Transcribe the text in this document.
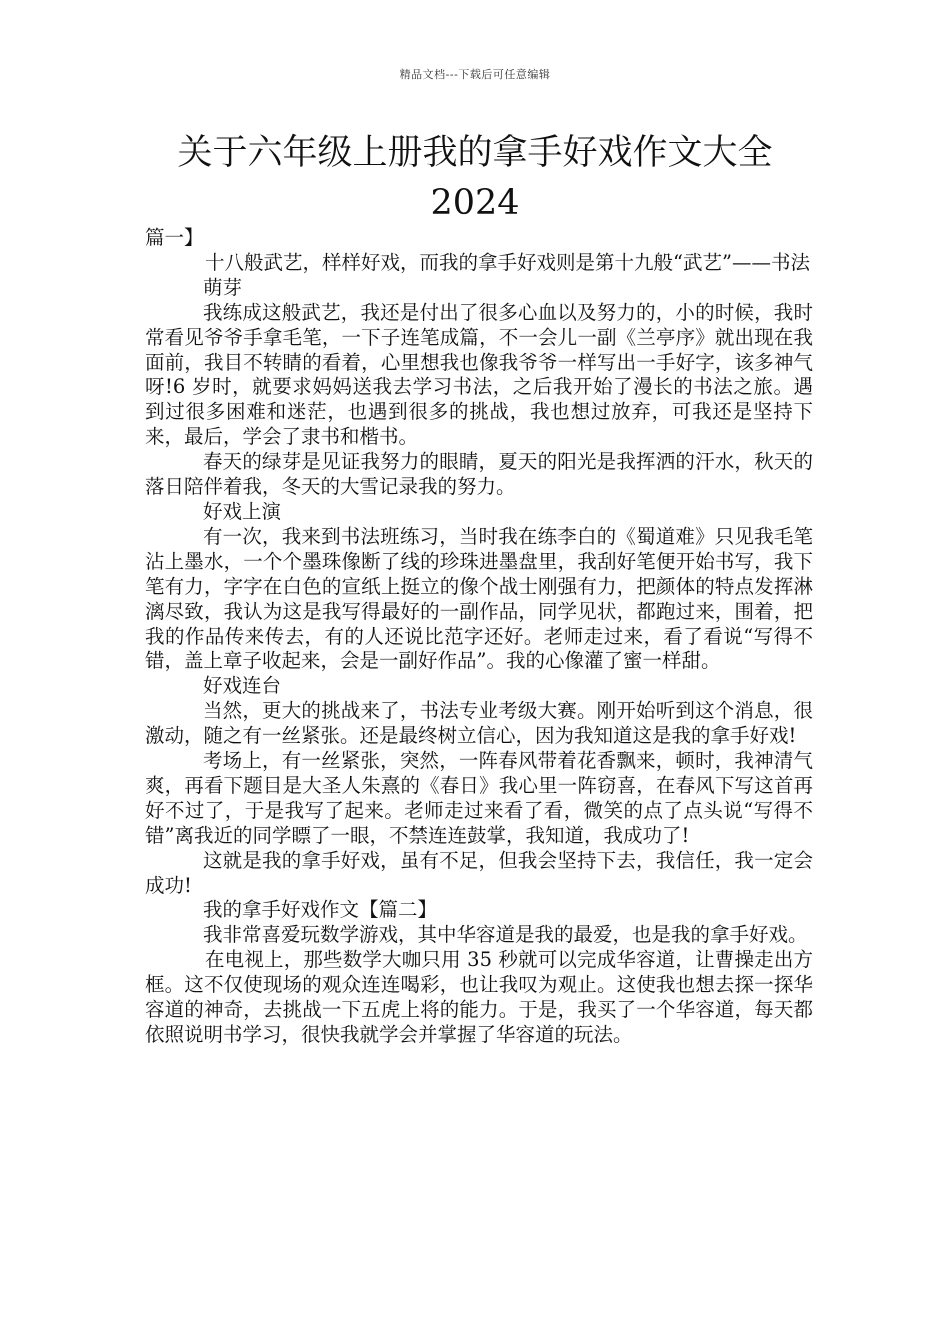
精品文档---下载后可任意编辑
关于六年级上册我的拿手好戏作文大全
2024

篇一】

十八般武艺，样样好戏，而我的拿手好戏则是第十九般“武艺”——书法

萌芽

我练成这般武艺，我还是付出了很多心血以及努力的，小的时候，我时常看见爷爷手拿毛笔，一下子连笔成篇，不一会儿一副《兰亭序》就出现在我面前，我目不转睛的看着，心里想我也像我爷爷一样写出一手好字，该多神气呀!6 岁时，就要求妈妈送我去学习书法，之后我开始了漫长的书法之旅。遇到过很多困难和迷茫，也遇到很多的挑战，我也想过放弃，可我还是坚持下来，最后，学会了隶书和楷书。

春天的绿芽是见证我努力的眼睛，夏天的阳光是我挥洒的汗水，秋天的落日陪伴着我，冬天的大雪记录我的努力。

好戏上演

有一次，我来到书法班练习，当时我在练李白的《蜀道难》只见我毛笔沾上墨水，一个个墨珠像断了线的珍珠进墨盘里，我刮好笔便开始书写，我下笔有力，字字在白色的宣纸上挺立的像个战士刚强有力，把颜体的特点发挥淋漓尽致，我认为这是我写得最好的一副作品，同学见状，都跑过来，围着，把我的作品传来传去，有的人还说比范字还好。老师走过来，看了看说“写得不错，盖上章子收起来，会是一副好作品”。我的心像灌了蜜一样甜。

好戏连台

当然，更大的挑战来了，书法专业考级大赛。刚开始听到这个消息，很激动，随之有一丝紧张。还是最终树立信心，因为我知道这是我的拿手好戏!

考场上，有一丝紧张，突然，一阵春风带着花香飘来，顿时，我神清气爽，再看下题目是大圣人朱熹的《春日》我心里一阵窃喜，在春风下写这首再好不过了，于是我写了起来。老师走过来看了看，微笑的点了点头说“写得不错”离我近的同学瞟了一眼，不禁连连鼓掌，我知道，我成功了!

这就是我的拿手好戏，虽有不足，但我会坚持下去，我信任，我一定会成功!

我的拿手好戏作文【篇二】

我非常喜爱玩数学游戏，其中华容道是我的最爱，也是我的拿手好戏。

在电视上，那些数学大咖只用 35 秒就可以完成华容道，让曹操走出方框。这不仅使现场的观众连连喝彩，也让我叹为观止。这使我也想去探一探华容道的神奇，去挑战一下五虎上将的能力。于是，我买了一个华容道，每天都依照说明书学习，很快我就学会并掌握了华容道的玩法。
